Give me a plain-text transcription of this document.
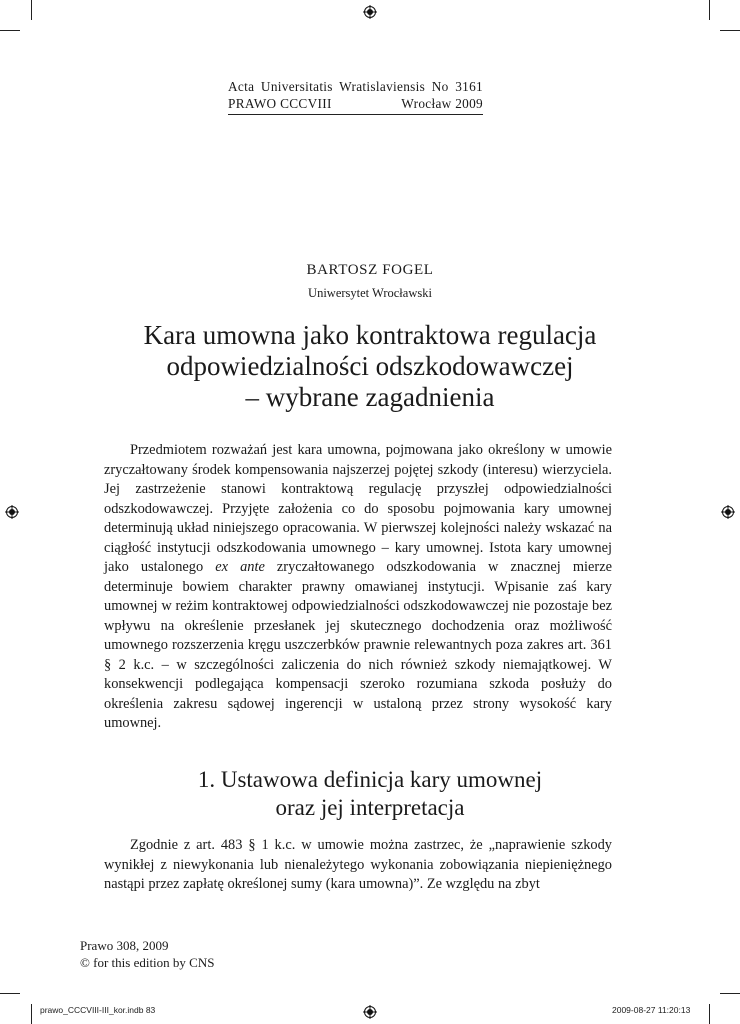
Acta Universitatis Wratislaviensis No 3161
PRAWO CCCVIII	Wrocław 2009
BARTOSZ FOGEL
Uniwersytet Wrocławski
Kara umowna jako kontraktowa regulacja
odpowiedzialności odszkodowawczej
– wybrane zagadnienia

Przedmiotem rozważań jest kara umowna, pojmowana jako określony w umowie zryczałtowany środek kompensowania najszerzej pojętej szkody (interesu) wierzyciela. Jej zastrzeżenie stanowi kontraktową regulację przyszłej odpowiedzialności odszkodowawczej. Przyjęte założenia co do sposobu pojmowania kary umownej determinują układ niniejszego opracowania. W pierwszej kolejności należy wskazać na ciągłość instytucji odszkodowania umownego – kary umownej. Istota kary umownej jako ustalonego ex ante zryczałtowanego odszkodowania w znacznej mierze determinuje bowiem charakter prawny omawianej instytucji. Wpisanie zaś kary umownej w reżim kontraktowej odpowiedzialności odszkodowawczej nie pozostaje bez wpływu na określenie przesłanek jej skutecznego dochodzenia oraz możliwość umownego rozszerzenia kręgu uszczerbków prawnie relewantnych poza zakres art. 361 § 2 k.c. – w szczególności zaliczenia do nich również szkody niemajątkowej. W konsekwencji podlegająca kompensacji szeroko rozumiana szkoda posłuży do określenia zakresu sądowej ingerencji w ustaloną przez strony wysokość kary umownej.

1. Ustawowa definicja kary umownej
oraz jej interpretacja

Zgodnie z art. 483 § 1 k.c. w umowie można zastrzec, że „naprawienie szkody wynikłej z niewykonania lub nienależytego wykonania zobowiązania niepieniężnego nastąpi przez zapłatę określonej sumy (kara umowna)”. Ze względu na zbyt

Prawo 308, 2009
© for this edition by CNS
prawo_CCCVIII-III_kor.indb 83	2009-08-27 11:20:13
